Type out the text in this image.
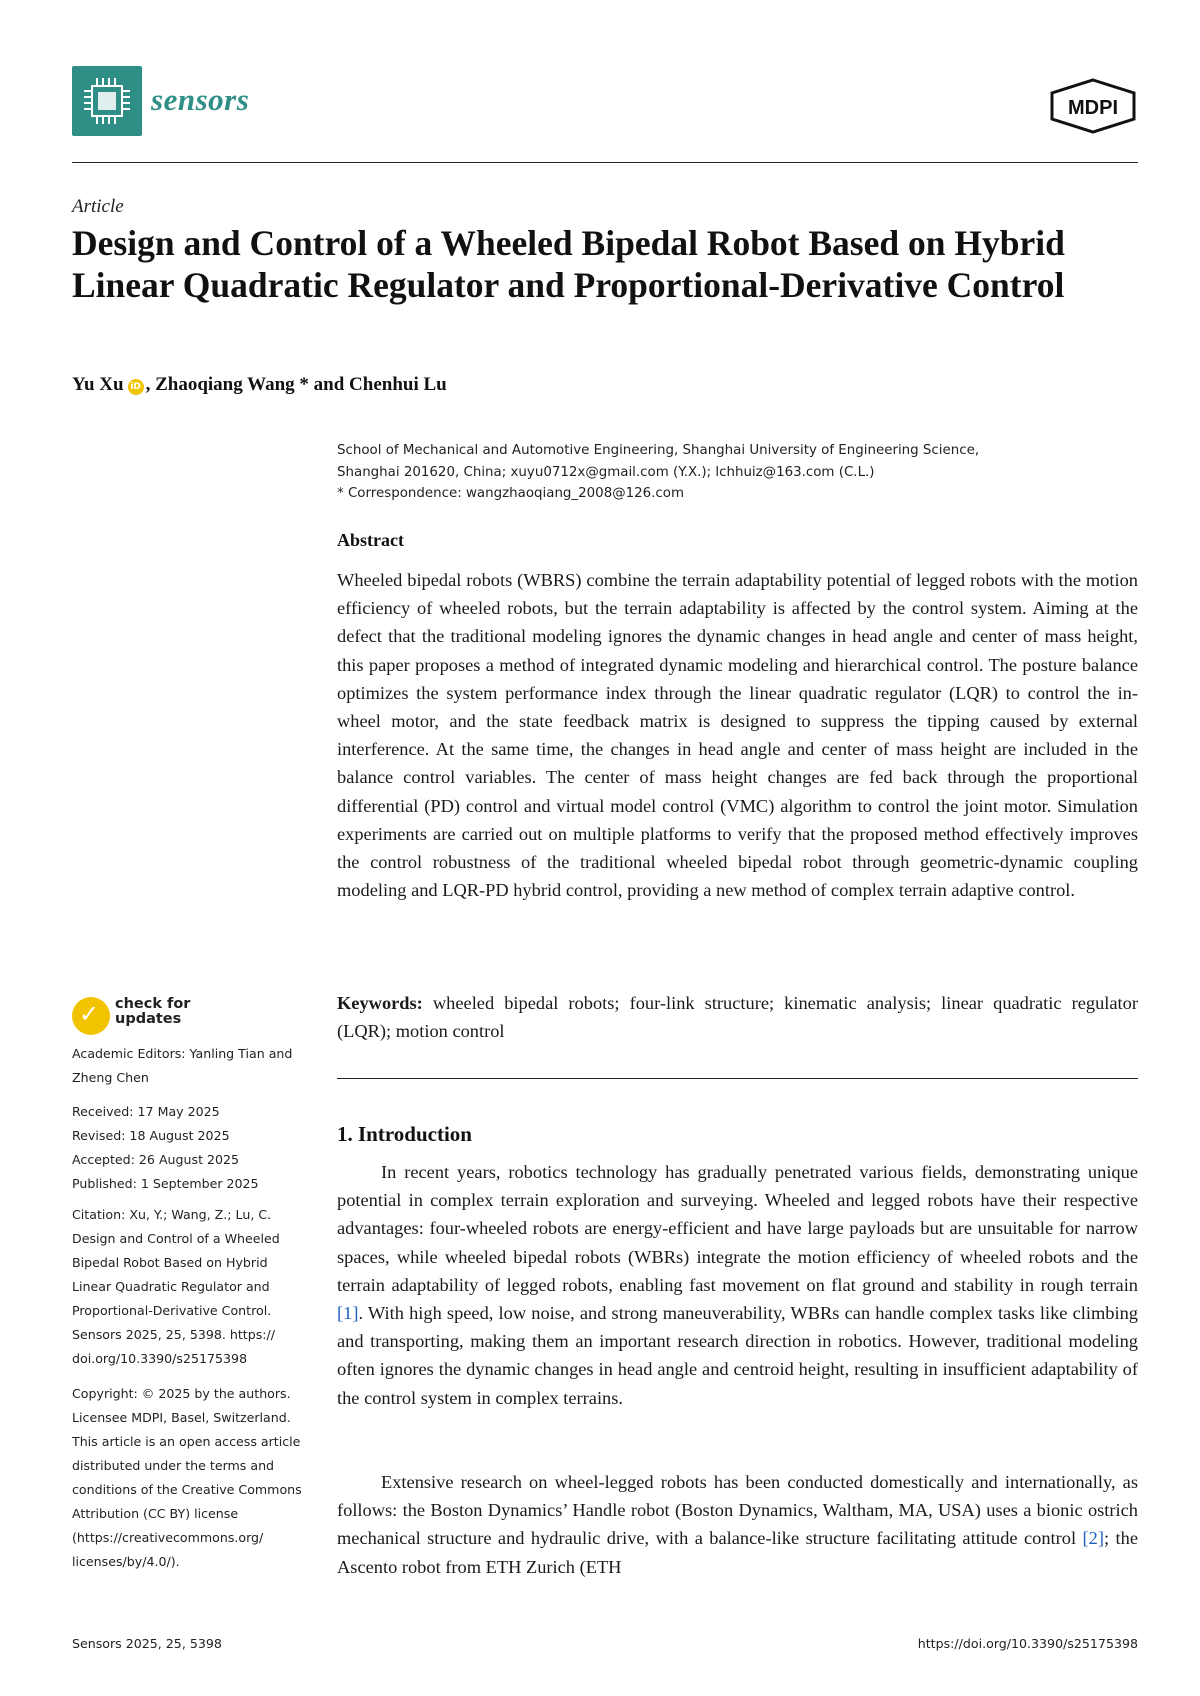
sensors	MDPI
Article
Design and Control of a Wheeled Bipedal Robot Based on Hybrid Linear Quadratic Regulator and Proportional-Derivative Control
Yu Xu iD , Zhaoqiang Wang * and Chenhui Lu
School of Mechanical and Automotive Engineering, Shanghai University of Engineering Science,
Shanghai 201620, China; xuyu0712x@gmail.com (Y.X.); lchhuiz@163.com (C.L.)
* Correspondence: wangzhaoqiang_2008@126.com
Abstract

Wheeled bipedal robots (WBRS) combine the terrain adaptability potential of legged robots with the motion efficiency of wheeled robots, but the terrain adaptability is affected by the control system. Aiming at the defect that the traditional modeling ignores the dynamic changes in head angle and center of mass height, this paper proposes a method of integrated dynamic modeling and hierarchical control. The posture balance optimizes the system performance index through the linear quadratic regulator (LQR) to control the in-wheel motor, and the state feedback matrix is designed to suppress the tipping caused by external interference. At the same time, the changes in head angle and center of mass height are included in the balance control variables. The center of mass height changes are fed back through the proportional differential (PD) control and virtual model control (VMC) algorithm to control the joint motor. Simulation experiments are carried out on multiple platforms to verify that the proposed method effectively improves the control robustness of the traditional wheeled bipedal robot through geometric-dynamic coupling modeling and LQR-PD hybrid control, providing a new method of complex terrain adaptive control.

Keywords: wheeled bipedal robots; four-link structure; kinematic analysis; linear quadratic regulator (LQR); motion control

1. Introduction

In recent years, robotics technology has gradually penetrated various fields, demonstrating unique potential in complex terrain exploration and surveying. Wheeled and legged robots have their respective advantages: four-wheeled robots are energy-efficient and have large payloads but are unsuitable for narrow spaces, while wheeled bipedal robots (WBRs) integrate the motion efficiency of wheeled robots and the terrain adaptability of legged robots, enabling fast movement on flat ground and stability in rough terrain [1]. With high speed, low noise, and strong maneuverability, WBRs can handle complex tasks like climbing and transporting, making them an important research direction in robotics. However, traditional modeling often ignores the dynamic changes in head angle and centroid height, resulting in insufficient adaptability of the control system in complex terrains.

Extensive research on wheel-legged robots has been conducted domestically and internationally, as follows: the Boston Dynamics’ Handle robot (Boston Dynamics, Waltham, MA, USA) uses a bionic ostrich mechanical structure and hydraulic drive, with a balance-like structure facilitating attitude control [2]; the Ascento robot from ETH Zurich (ETH

✓ check for
updates
Academic Editors: Yanling Tian and
Zheng Chen
Received: 17 May 2025
Revised: 18 August 2025
Accepted: 26 August 2025
Published: 1 September 2025
Citation: Xu, Y.; Wang, Z.; Lu, C.
Design and Control of a Wheeled
Bipedal Robot Based on Hybrid
Linear Quadratic Regulator and
Proportional-Derivative Control.
Sensors 2025, 25, 5398. https://
doi.org/10.3390/s25175398
Copyright: © 2025 by the authors.
Licensee MDPI, Basel, Switzerland.
This article is an open access article
distributed under the terms and
conditions of the Creative Commons
Attribution (CC BY) license
(https://creativecommons.org/
licenses/by/4.0/).
Sensors 2025, 25, 5398	https://doi.org/10.3390/s25175398
